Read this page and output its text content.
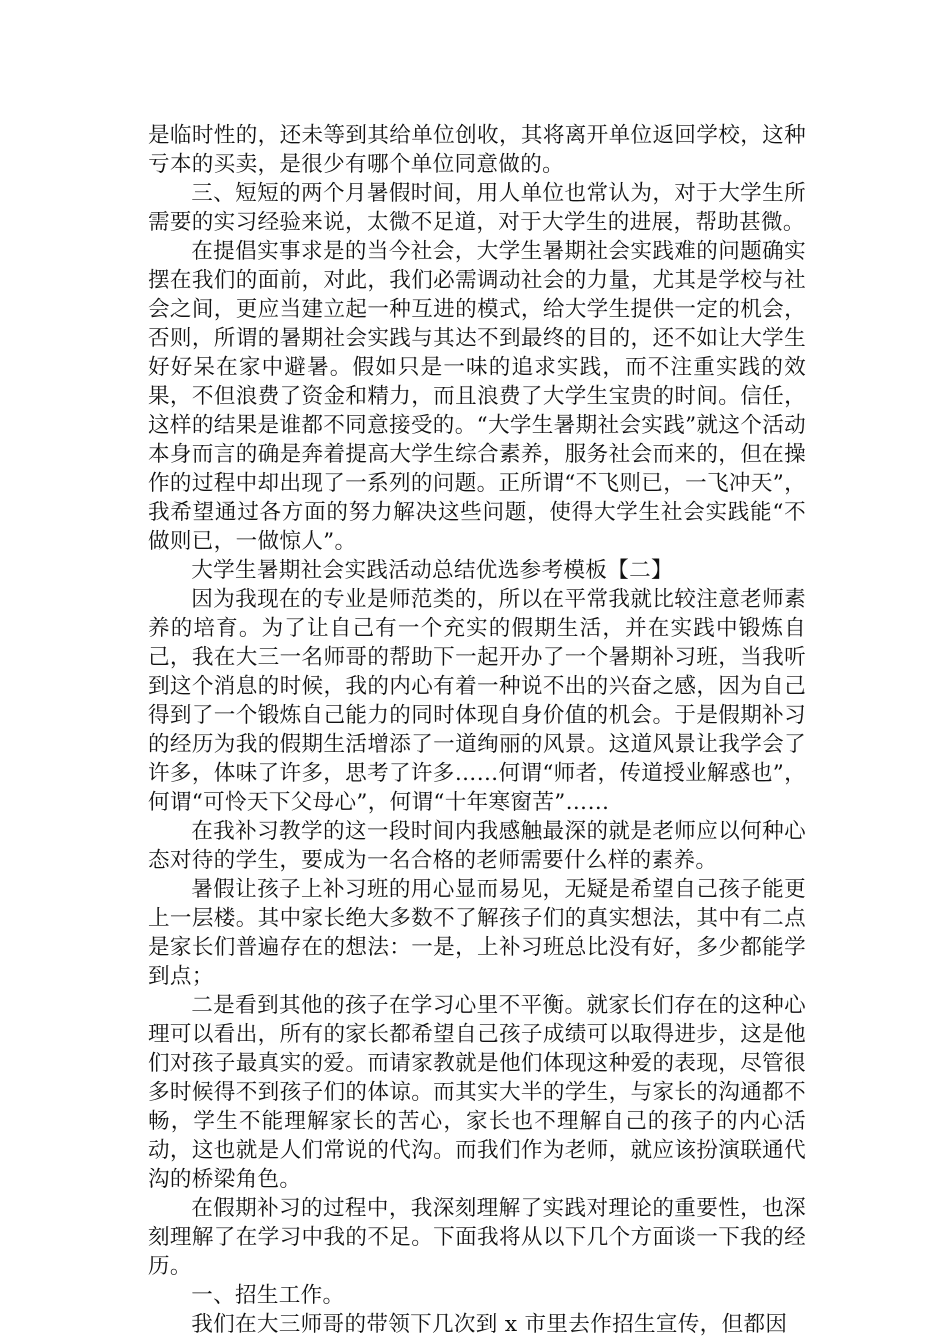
是临时性的，还未等到其给单位创收，其将离开单位返回学校，这种亏本的买卖，是很少有哪个单位同意做的。

三、短短的两个月暑假时间，用人单位也常认为，对于大学生所需要的实习经验来说，太微不足道，对于大学生的进展，帮助甚微。

在提倡实事求是的当今社会，大学生暑期社会实践难的问题确实摆在我们的面前，对此，我们必需调动社会的力量，尤其是学校与社会之间，更应当建立起一种互进的模式，给大学生提供一定的机会，否则，所谓的暑期社会实践与其达不到最终的目的，还不如让大学生好好呆在家中避暑。假如只是一味的追求实践，而不注重实践的效果，不但浪费了资金和精力，而且浪费了大学生宝贵的时间。信任，这样的结果是谁都不同意接受的。“大学生暑期社会实践”就这个活动本身而言的确是奔着提高大学生综合素养，服务社会而来的，但在操作的过程中却出现了一系列的问题。正所谓“不飞则已，一飞冲天”，我希望通过各方面的努力解决这些问题，使得大学生社会实践能“不做则已，一做惊人”。

大学生暑期社会实践活动总结优选参考模板【二】

因为我现在的专业是师范类的，所以在平常我就比较注意老师素养的培育。为了让自己有一个充实的假期生活，并在实践中锻炼自己，我在大三一名师哥的帮助下一起开办了一个暑期补习班，当我听到这个消息的时候，我的内心有着一种说不出的兴奋之感，因为自己得到了一个锻炼自己能力的同时体现自身价值的机会。于是假期补习的经历为我的假期生活增添了一道绚丽的风景。这道风景让我学会了许多，体味了许多，思考了许多……何谓“师者，传道授业解惑也”，何谓“可怜天下父母心”，何谓“十年寒窗苦”……

在我补习教学的这一段时间内我感触最深的就是老师应以何种心态对待的学生，要成为一名合格的老师需要什么样的素养。

暑假让孩子上补习班的用心显而易见，无疑是希望自己孩子能更上一层楼。其中家长绝大多数不了解孩子们的真实想法，其中有二点是家长们普遍存在的想法：一是，上补习班总比没有好，多少都能学到点；

二是看到其他的孩子在学习心里不平衡。就家长们存在的这种心理可以看出，所有的家长都希望自己孩子成绩可以取得进步，这是他们对孩子最真实的爱。而请家教就是他们体现这种爱的表现，尽管很多时候得不到孩子们的体谅。而其实大半的学生，与家长的沟通都不畅，学生不能理解家长的苦心，家长也不理解自己的孩子的内心活动，这也就是人们常说的代沟。而我们作为老师，就应该扮演联通代沟的桥梁角色。

在假期补习的过程中，我深刻理解了实践对理论的重要性，也深刻理解了在学习中我的不足。下面我将从以下几个方面谈一下我的经历。

一、招生工作。

我们在大三师哥的带领下几次到 x 市里去作招生宣传，但都因
